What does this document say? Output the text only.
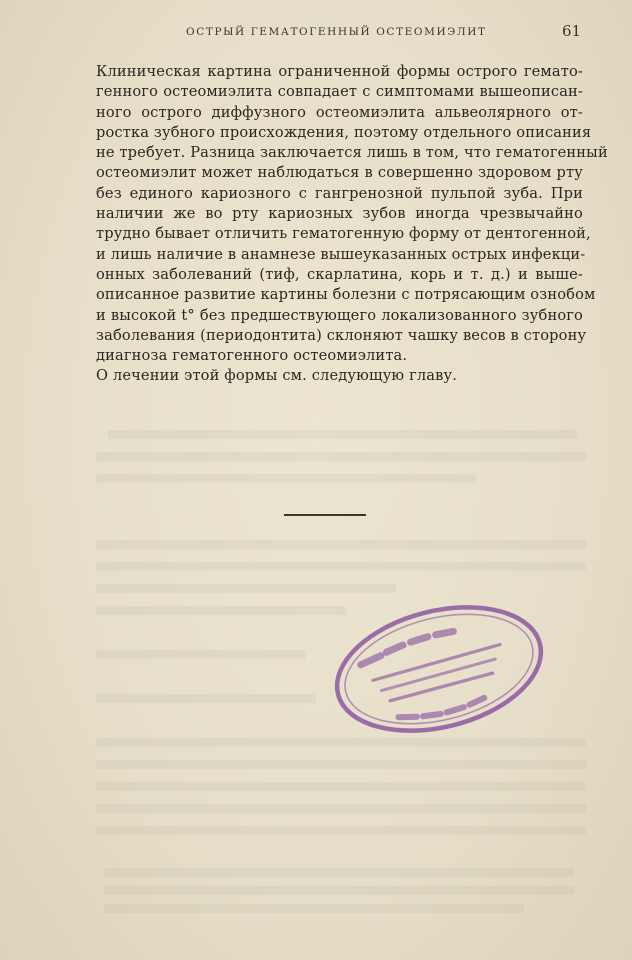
ОСТРЫЙ ГЕМАТОГЕННЫЙ ОСТЕОМИЭЛИТ	61
Клиническая картина ограниченной формы острого гемато-
генного остеомиэлита совпадает с симптомами вышеописан-
ного острого диффузного остеомиэлита альвеолярного от-
ростка зубного происхождения, поэтому отдельного описания
не требует. Разница заключается лишь в том, что гематогенный
остеомиэлит может наблюдаться в совершенно здоровом рту
без единого кариозного с гангренозной пульпой зуба. При
наличии же во рту кариозных зубов иногда чрезвычайно
трудно бывает отличить гематогенную форму от дентогенной,
и лишь наличие в анамнезе вышеуказанных острых инфекци-
онных заболеваний (тиф, скарлатина, корь и т. д.) и выше-
описанное развитие картины болезни с потрясающим ознобом
и высокой t° без предшествующего локализованного зубного
заболевания (периодонтита) склоняют чашку весов в сторону
диагноза гематогенного остеомиэлита.
О лечении этой формы см. следующую главу.
